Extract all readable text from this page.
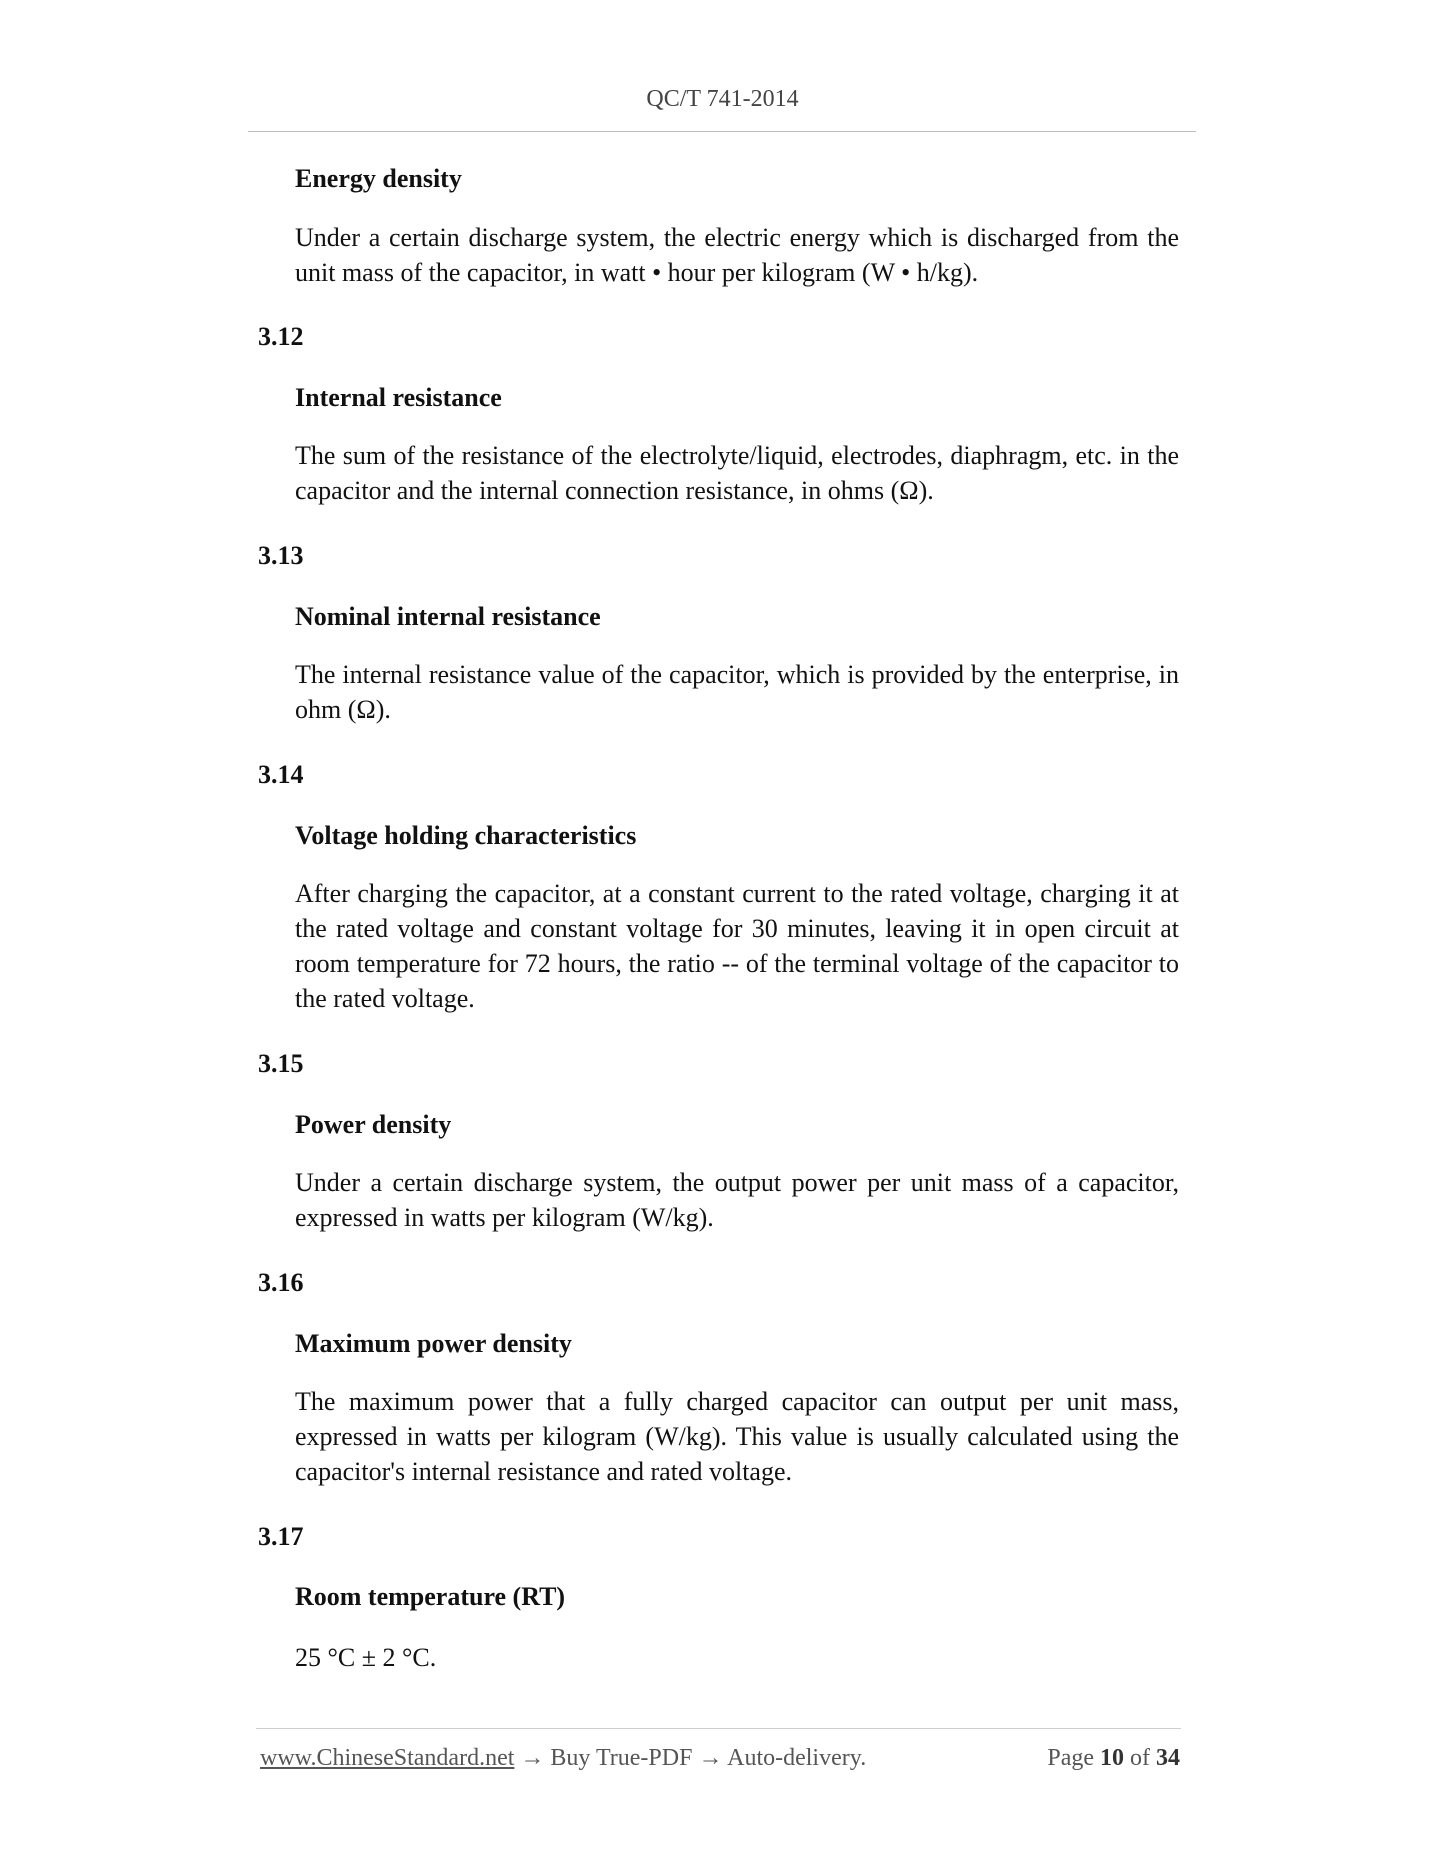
QC/T 741-2014
Energy density
Under a certain discharge system, the electric energy which is discharged from the unit mass of the capacitor, in watt • hour per kilogram (W • h/kg).
3.12
Internal resistance
The sum of the resistance of the electrolyte/liquid, electrodes, diaphragm, etc. in the capacitor and the internal connection resistance, in ohms (Ω).
3.13
Nominal internal resistance
The internal resistance value of the capacitor, which is provided by the enterprise, in ohm (Ω).
3.14
Voltage holding characteristics
After charging the capacitor, at a constant current to the rated voltage, charging it at the rated voltage and constant voltage for 30 minutes, leaving it in open circuit at room temperature for 72 hours, the ratio -- of the terminal voltage of the capacitor to the rated voltage.
3.15
Power density
Under a certain discharge system, the output power per unit mass of a capacitor, expressed in watts per kilogram (W/kg).
3.16
Maximum power density
The maximum power that a fully charged capacitor can output per unit mass, expressed in watts per kilogram (W/kg). This value is usually calculated using the capacitor's internal resistance and rated voltage.
3.17
Room temperature (RT)
25 °C ± 2 °C.
www.ChineseStandard.net → Buy True-PDF → Auto-delivery.	Page 10 of 34
